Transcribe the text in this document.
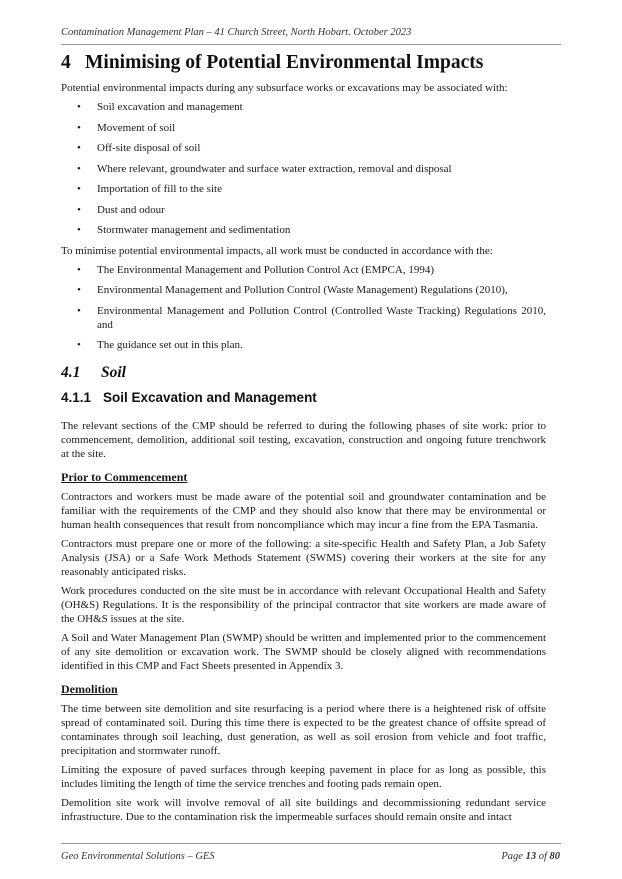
Contamination Management Plan – 41 Church Street, North Hobart. October 2023
4 Minimising of Potential Environmental Impacts

Potential environmental impacts during any subsurface works or excavations may be associated with:

• Soil excavation and management
• Movement of soil
• Off-site disposal of soil
• Where relevant, groundwater and surface water extraction, removal and disposal
• Importation of fill to the site
• Dust and odour
• Stormwater management and sedimentation

To minimise potential environmental impacts, all work must be conducted in accordance with the:

• The Environmental Management and Pollution Control Act (EMPCA, 1994)
• Environmental Management and Pollution Control (Waste Management) Regulations (2010),
• Environmental Management and Pollution Control (Controlled Waste Tracking) Regulations 2010, and
• The guidance set out in this plan.
4.1 Soil
4.1.1 Soil Excavation and Management

The relevant sections of the CMP should be referred to during the following phases of site work: prior to commencement, demolition, additional soil testing, excavation, construction and ongoing future trenchwork at the site.

Prior to Commencement

Contractors and workers must be made aware of the potential soil and groundwater contamination and be familiar with the requirements of the CMP and they should also know that there may be environmental or human health consequences that result from noncompliance which may incur a fine from the EPA Tasmania.

Contractors must prepare one or more of the following: a site-specific Health and Safety Plan, a Job Safety Analysis (JSA) or a Safe Work Methods Statement (SWMS) covering their workers at the site for any reasonably anticipated risks.

Work procedures conducted on the site must be in accordance with relevant Occupational Health and Safety (OH&S) Regulations. It is the responsibility of the principal contractor that site workers are made aware of the OH&S issues at the site.

A Soil and Water Management Plan (SWMP) should be written and implemented prior to the commencement of any site demolition or excavation work. The SWMP should be closely aligned with recommendations identified in this CMP and Fact Sheets presented in Appendix 3.

Demolition

The time between site demolition and site resurfacing is a period where there is a heightened risk of offsite spread of contaminated soil. During this time there is expected to be the greatest chance of offsite spread of contaminates through soil leaching, dust generation, as well as soil erosion from vehicle and foot traffic, precipitation and stormwater runoff.

Limiting the exposure of paved surfaces through keeping pavement in place for as long as possible, this includes limiting the length of time the service trenches and footing pads remain open.

Demolition site work will involve removal of all site buildings and decommissioning redundant service infrastructure. Due to the contamination risk the impermeable surfaces should remain onsite and intact

Geo Environmental Solutions – GES	Page 13 of 80
